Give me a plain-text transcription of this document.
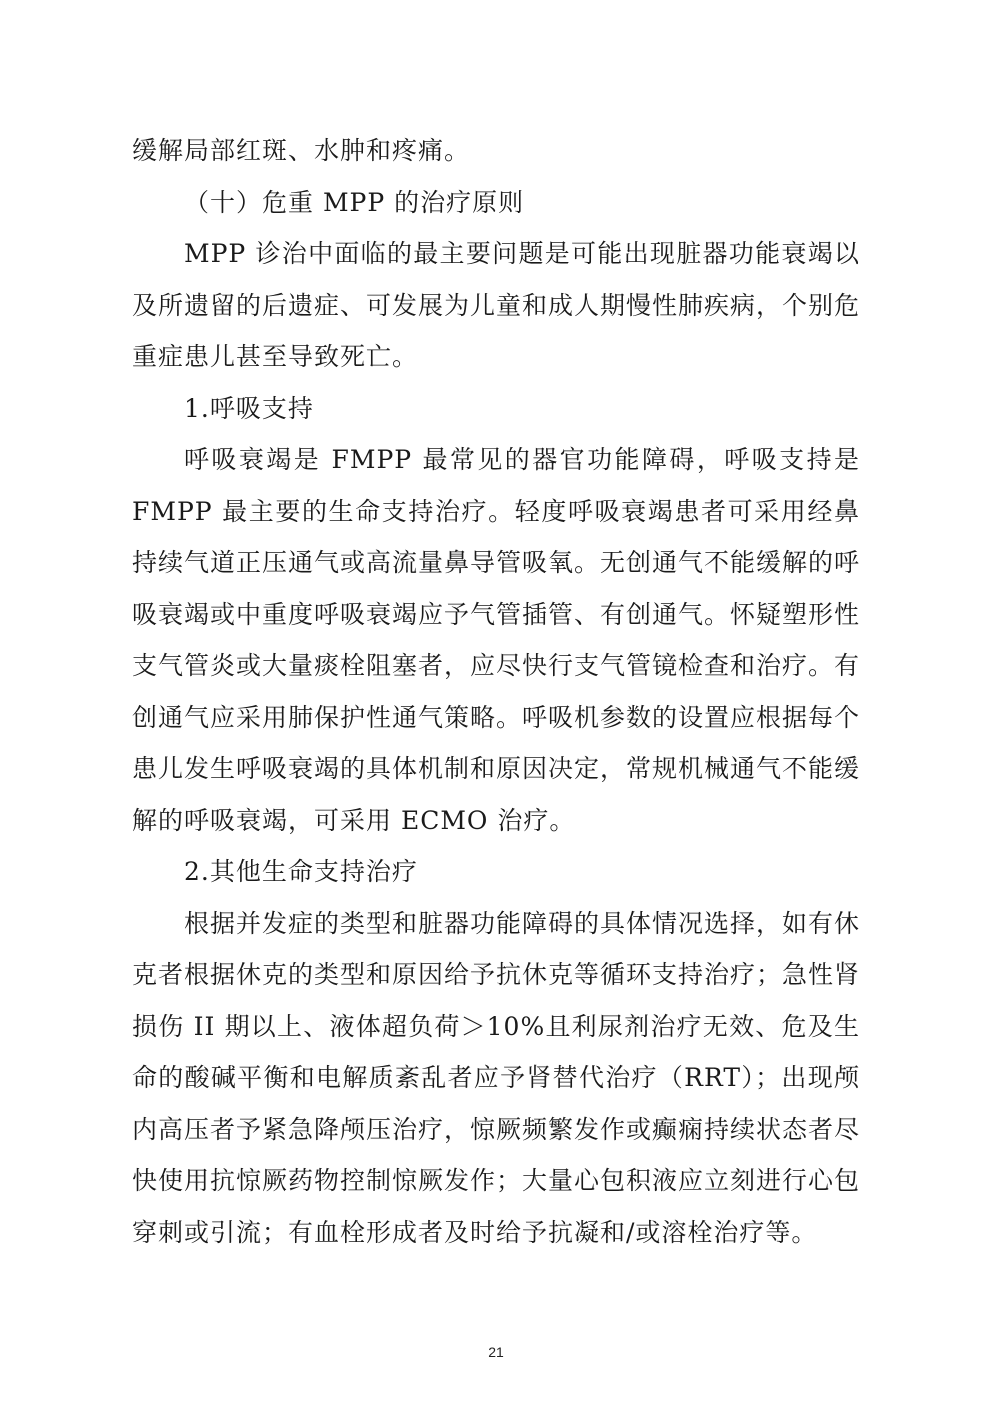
缓解局部红斑、水肿和疼痛。

（十）危重 MPP 的治疗原则

MPP 诊治中面临的最主要问题是可能出现脏器功能衰竭以及所遗留的后遗症、可发展为儿童和成人期慢性肺疾病，个别危重症患儿甚至导致死亡。

1.呼吸支持

呼吸衰竭是 FMPP 最常见的器官功能障碍，呼吸支持是 FMPP 最主要的生命支持治疗。轻度呼吸衰竭患者可采用经鼻持续气道正压通气或高流量鼻导管吸氧。无创通气不能缓解的呼吸衰竭或中重度呼吸衰竭应予气管插管、有创通气。怀疑塑形性支气管炎或大量痰栓阻塞者，应尽快行支气管镜检查和治疗。有创通气应采用肺保护性通气策略。呼吸机参数的设置应根据每个患儿发生呼吸衰竭的具体机制和原因决定，常规机械通气不能缓解的呼吸衰竭，可采用 ECMO 治疗。

2.其他生命支持治疗

根据并发症的类型和脏器功能障碍的具体情况选择，如有休克者根据休克的类型和原因给予抗休克等循环支持治疗；急性肾损伤 II 期以上、液体超负荷＞10%且利尿剂治疗无效、危及生命的酸碱平衡和电解质紊乱者应予肾替代治疗（RRT）；出现颅内高压者予紧急降颅压治疗，惊厥频繁发作或癫痫持续状态者尽快使用抗惊厥药物控制惊厥发作；大量心包积液应立刻进行心包穿刺或引流；有血栓形成者及时给予抗凝和/或溶栓治疗等。

21
